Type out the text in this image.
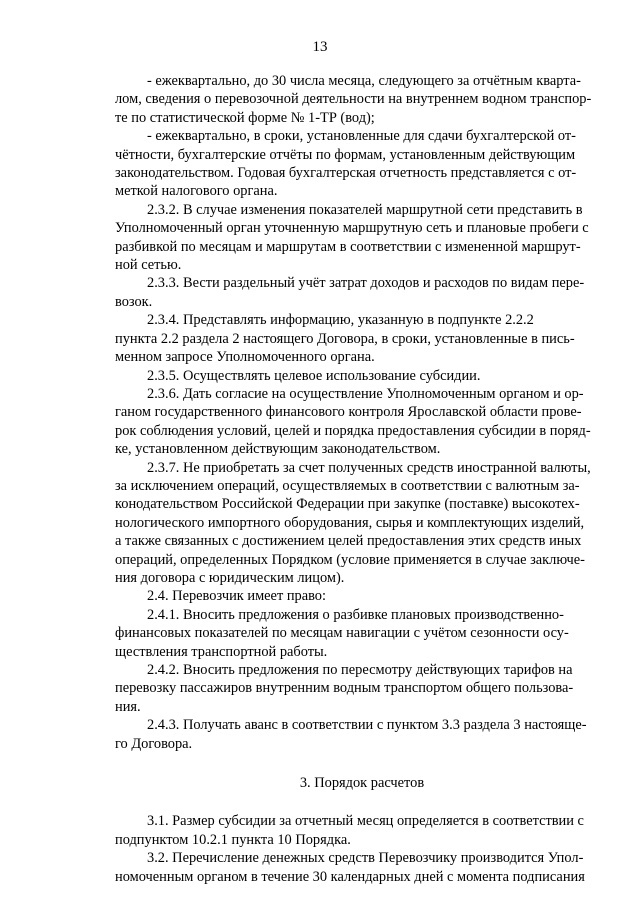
13

- ежеквартально, до 30 числа месяца, следующего за отчётным кварта-
лом, сведения о перевозочной деятельности на внутреннем водном транспор-
те по статистической форме № 1-ТР (вод);

- ежеквартально, в сроки, установленные для сдачи бухгалтерской от-
чётности, бухгалтерские отчёты по формам, установленным действующим
законодательством. Годовая бухгалтерская отчетность представляется с от-
меткой налогового органа.

2.3.2. В случае изменения показателей маршрутной сети представить в
Уполномоченный орган уточненную маршрутную сеть и плановые пробеги с
разбивкой по месяцам и маршрутам в соответствии с измененной маршрут-
ной сетью.

2.3.3. Вести раздельный учёт затрат доходов и расходов по видам пере-
возок.

2.3.4. Представлять информацию, указанную в подпункте 2.2.2
пункта 2.2 раздела 2 настоящего Договора, в сроки, установленные в пись-
менном запросе Уполномоченного органа.

2.3.5. Осуществлять целевое использование субсидии.

2.3.6. Дать согласие на осуществление Уполномоченным органом и ор-
ганом государственного финансового контроля Ярославской области прове-
рок соблюдения условий, целей и порядка предоставления субсидии в поряд-
ке, установленном действующим законодательством.

2.3.7. Не приобретать за счет полученных средств иностранной валюты,
за исключением операций, осуществляемых в соответствии с валютным за-
конодательством Российской Федерации при закупке (поставке) высокотех-
нологического импортного оборудования, сырья и комплектующих изделий,
а также связанных с достижением целей предоставления этих средств иных
операций, определенных Порядком (условие применяется в случае заключе-
ния договора с юридическим лицом).

2.4. Перевозчик имеет право:

2.4.1. Вносить предложения о разбивке плановых производственно-
финансовых показателей по месяцам навигации с учётом сезонности осу-
ществления транспортной работы.

2.4.2. Вносить предложения по пересмотру действующих тарифов на
перевозку пассажиров внутренним водным транспортом общего пользова-
ния.

2.4.3. Получать аванс в соответствии с пунктом 3.3 раздела 3 настояще-
го Договора.

3. Порядок расчетов

3.1. Размер субсидии за отчетный месяц определяется в соответствии с
подпунктом 10.2.1 пункта 10 Порядка.

3.2. Перечисление денежных средств Перевозчику производится Упол-
номоченным органом в течение 30 календарных дней с момента подписания
